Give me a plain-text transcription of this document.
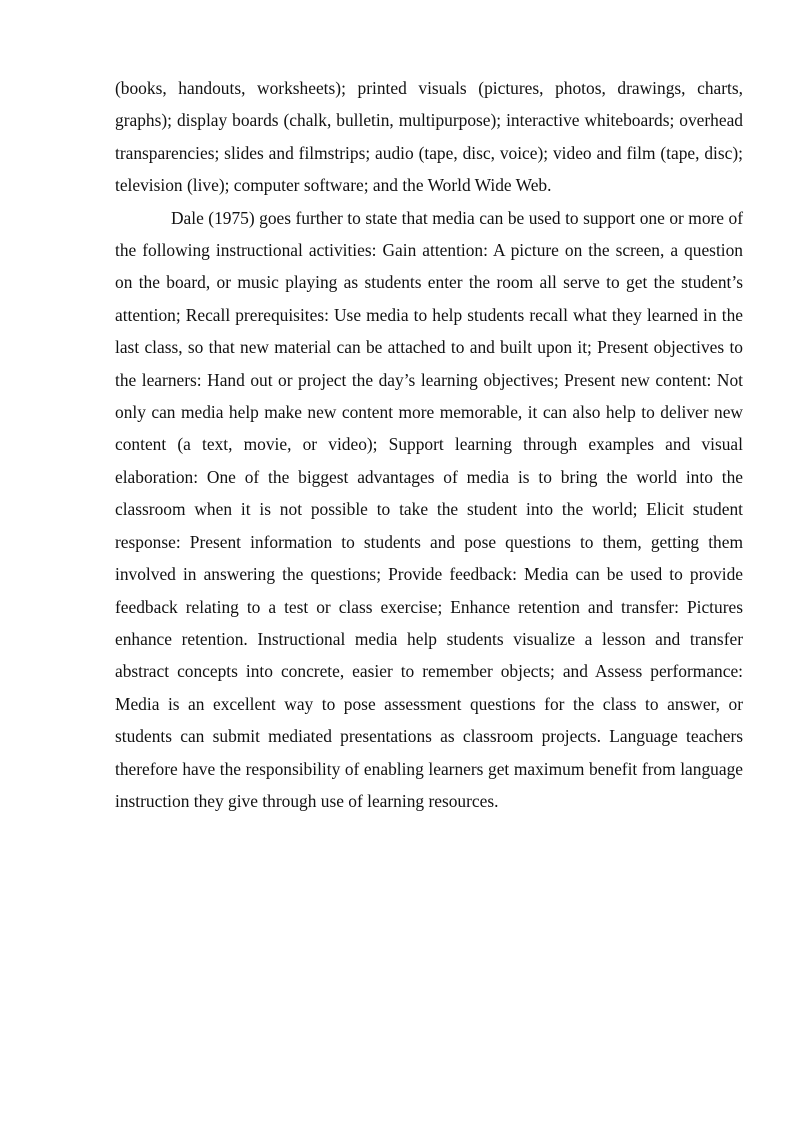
(books, handouts, worksheets); printed visuals (pictures, photos, drawings, charts, graphs); display boards (chalk, bulletin, multipurpose); interactive whiteboards; overhead transparencies; slides and filmstrips; audio (tape, disc, voice); video and film (tape, disc); television (live); computer software; and the World Wide Web.

Dale (1975) goes further to state that media can be used to support one or more of the following instructional activities: Gain attention: A picture on the screen, a question on the board, or music playing as students enter the room all serve to get the student’s attention; Recall prerequisites: Use media to help students recall what they learned in the last class, so that new material can be attached to and built upon it; Present objectives to the learners: Hand out or project the day’s learning objectives; Present new content: Not only can media help make new content more memorable, it can also help to deliver new content (a text, movie, or video); Support learning through examples and visual elaboration: One of the biggest advantages of media is to bring the world into the classroom when it is not possible to take the student into the world; Elicit student response: Present information to students and pose questions to them, getting them involved in answering the questions; Provide feedback: Media can be used to provide feedback relating to a test or class exercise; Enhance retention and transfer: Pictures enhance retention. Instructional media help students visualize a lesson and transfer abstract concepts into concrete, easier to remember objects; and Assess performance: Media is an excellent way to pose assessment questions for the class to answer, or students can submit mediated presentations as classroom projects. Language teachers therefore have the responsibility of enabling learners get maximum benefit from language instruction they give through use of learning resources.
